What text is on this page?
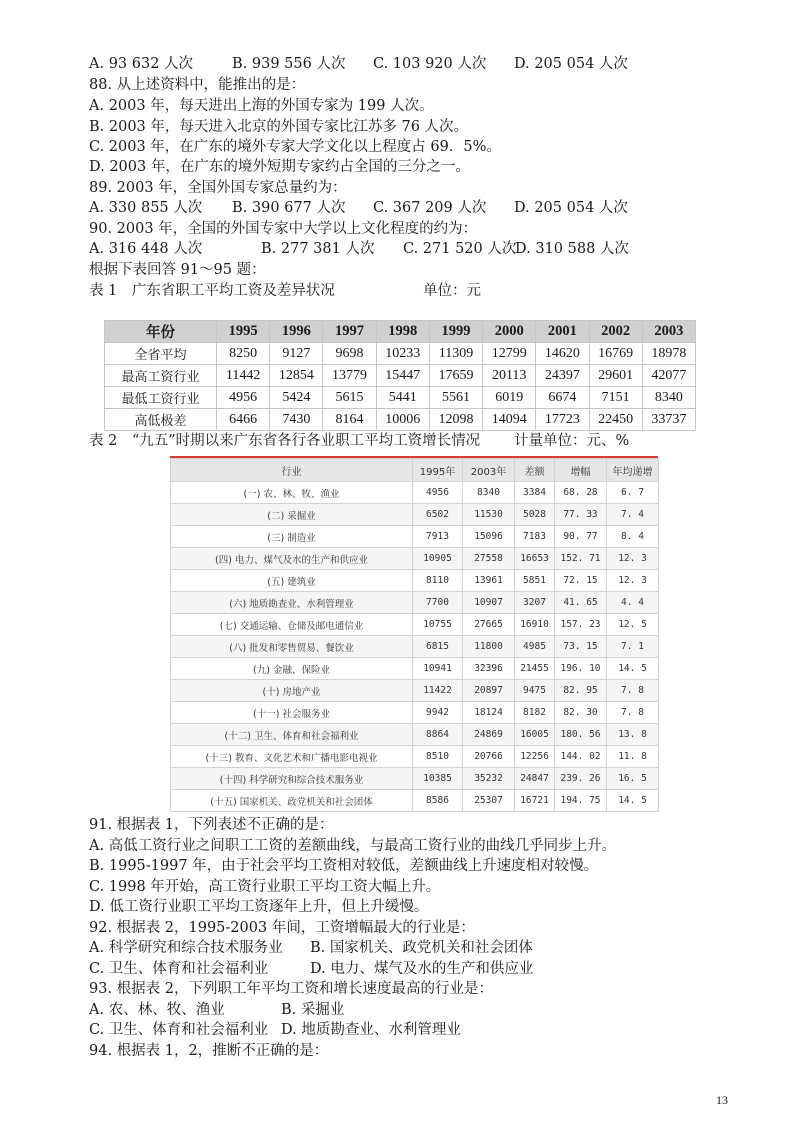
A. 93 632 人次	B. 939 556 人次 C. 103 920 人次 D. 205 054 人次
88. 从上述资料中，能推出的是：
A. 2003 年，每天进出上海的外国专家为 199 人次。
B. 2003 年，每天进入北京的外国专家比江苏多 76 人次。
C. 2003 年，在广东的境外专家大学文化以上程度占 69．5%。
D. 2003 年，在广东的境外短期专家约占全国的三分之一。
89. 2003 年，全国外国专家总量约为：
A. 330 855 人次 B. 390 677 人次 C. 367 209 人次 D. 205 054 人次
90. 2003 年，全国的外国专家中大学以上文化程度的约为：
A. 316 448 人次	B. 277 381 人次 C. 271 520 人次
D. 310 588 人次
根据下表回答 91～95 题：
表 1　广东省职工平均工资及差异状况	单位：元
年份	1995	1996	1997	1998	1999	2000	2001	2002	2003
全省平均	8250	9127	9698	10233	11309	12799	14620	16769	18978
最高工资行业	11442	12854	13779	15447	17659	20113	24397	29601	42077
最低工资行业	4956	5424	5615	5441	5561	6019	6674	7151	8340
高低极差	6466	7430	8164	10006	12098	14094	17723	22450	33737
表 2　“九五”时期以来广东省各行各业职工平均工资增长情况 计量单位：元、%
行业	1995年	2003年	差额	增幅	年均递增
(一) 农、林、牧、渔业	4956	8340	3384	68. 28	6. 7
(二) 采掘业	6502	11530	5028	77. 33	7. 4
(三) 制造业	7913	15096	7183	90. 77	8. 4
(四) 电力、煤气及水的生产和供应业	10905	27558	16653	152. 71	12. 3
(五) 建筑业	8110	13961	5851	72. 15	12. 3
(六) 地质勘查业、水利管理业	7700	10907	3207	41. 65	4. 4
(七) 交通运输、仓储及邮电通信业	10755	27665	16910	157. 23	12. 5
(八) 批发和零售贸易、餐饮业	6815	11800	4985	73. 15	7. 1
(九) 金融、保险业	10941	32396	21455	196. 10	14. 5
(十) 房地产业	11422	20897	9475	82. 95	7. 8
(十一) 社会服务业	9942	18124	8182	82. 30	7. 8
(十二) 卫生、体育和社会福利业	8864	24869	16005	180. 56	13. 8
(十三) 教育、文化艺术和广播电影电视业	8510	20766	12256	144. 02	11. 8
(十四) 科学研究和综合技术服务业	10385	35232	24847	239. 26	16. 5
(十五) 国家机关、政党机关和社会团体	8586	25307	16721	194. 75	14. 5
91. 根据表 1，下列表述不正确的是：
A. 高低工资行业之间职工工资的差额曲线，与最高工资行业的曲线几乎同步上升。
B. 1995-1997 年，由于社会平均工资相对较低，差额曲线上升速度相对较慢。
C. 1998 年开始，高工资行业职工平均工资大幅上升。
D. 低工资行业职工平均工资逐年上升，但上升缓慢。
92. 根据表 2，1995-2003 年间，工资增幅最大的行业是：
A. 科学研究和综合技术服务业 B. 国家机关、政党机关和社会团体
C. 卫生、体育和社会福利业	D. 电力、煤气及水的生产和供应业
93. 根据表 2，下列职工年平均工资和增长速度最高的行业是：
A. 农、林、牧、渔业	B. 采掘业
C. 卫生、体育和社会福利业 D. 地质勘查业、水利管理业
94. 根据表 1，2，推断不正确的是：
13
